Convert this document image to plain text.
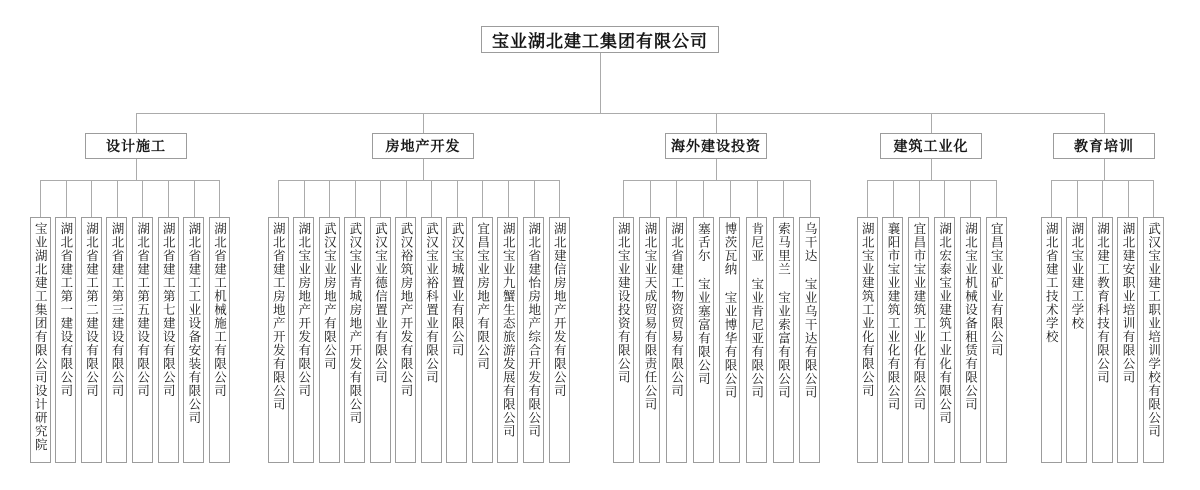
宝业湖北建工集团有限公司
设计施工
宝业湖北建工集团有限公司设计研究院 湖北省建工第一建设有限公司 湖北省建工第二建设有限公司 湖北省建工第三建设有限公司 湖北省建工第五建设有限公司 湖北省建工第七建设有限公司 湖北省建工工业设备安装有限公司 湖北省建工机械施工有限公司
房地产开发
湖北省建工房地产开发有限公司 湖北宝业房地产开发有限公司 武汉宝业房地产有限公司 武汉宝业青城房地产开发有限公司 武汉宝业德信置业有限公司 武汉裕筑房地产开发有限公司 武汉宝业裕科置业有限公司 武汉宝城置业有限公司 宜昌宝业房地产有限公司 湖北宝业九蟹生态旅游发展有限公司 湖北省建怡房地产综合开发有限公司 湖北建信房地产开发有限公司
海外建设投资
湖北宝业建设投资有限公司 湖北宝业天成贸易有限责任公司 湖北省建工物资贸易有限公司 塞舌尔 宝业塞富有限公司 博茨瓦纳 宝业博华有限公司 肯尼亚 宝业肯尼亚有限公司 索马里兰 宝业索富有限公司 乌干达 宝业乌干达有限公司
建筑工业化
湖北宝业建筑工业化有限公司 襄阳市宝业建筑工业化有限公司 宜昌市宝业建筑工业化有限公司 湖北宏泰宝业建筑工业化有限公司 湖北宝业机械设备租赁有限公司 宜昌宝业矿业有限公司
教育培训
湖北省建工技术学校 湖北宝业建工学校 湖北建工教育科技有限公司 湖北建安职业培训有限公司 武汉宝业建工职业培训学校有限公司
